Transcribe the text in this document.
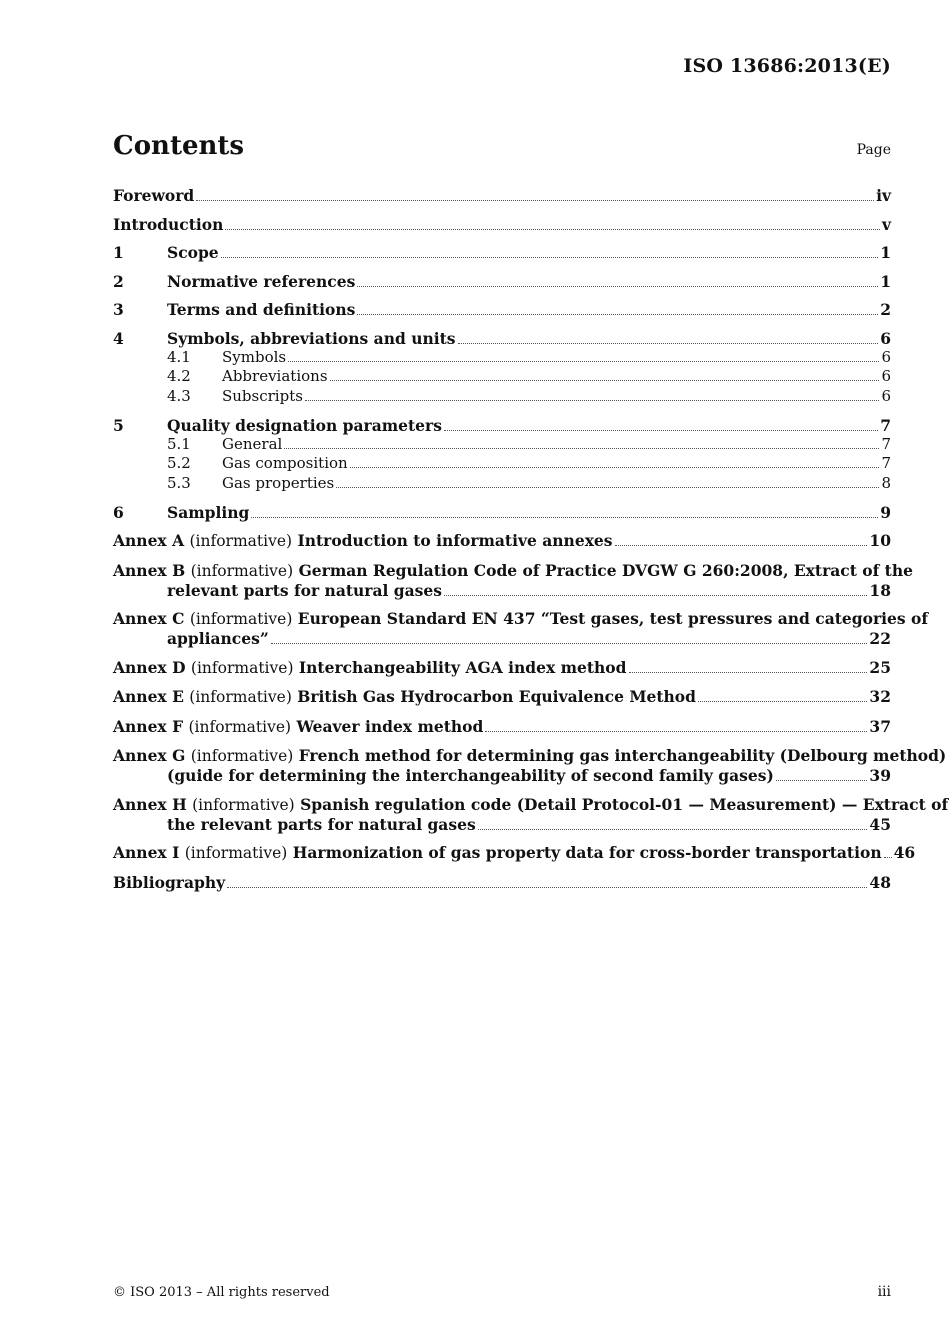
ISO 13686:2013(E)
Contents	Page
Foreword	iv
Introduction	v
1	Scope	1
2	Normative references	1
3	Terms and definitions	2
4	Symbols, abbreviations and units	6
4.1	Symbols	6
4.2	Abbreviations	6
4.3	Subscripts	6
5	Quality designation parameters	7
5.1	General	7
5.2	Gas composition	7
5.3	Gas properties	8
6	Sampling	9
Annex A (informative) Introduction to informative annexes	10
Annex B (informative) German Regulation Code of Practice DVGW G 260:2008, Extract of the
relevant parts for natural gases	18
Annex C (informative) European Standard EN 437 “Test gases, test pressures and categories of
appliances”	22
Annex D (informative) Interchangeability AGA index method	25
Annex E (informative) British Gas Hydrocarbon Equivalence Method	32
Annex F (informative) Weaver index method	37
Annex G (informative) French method for determining gas interchangeability (Delbourg method)
(guide for determining the interchangeability of second family gases)	39
Annex H (informative) Spanish regulation code (Detail Protocol-01 — Measurement) — Extract of
the relevant parts for natural gases	45
Annex I (informative) Harmonization of gas property data for cross-border transportation 46
Bibliography	48
© ISO 2013 – All rights reserved	iii
